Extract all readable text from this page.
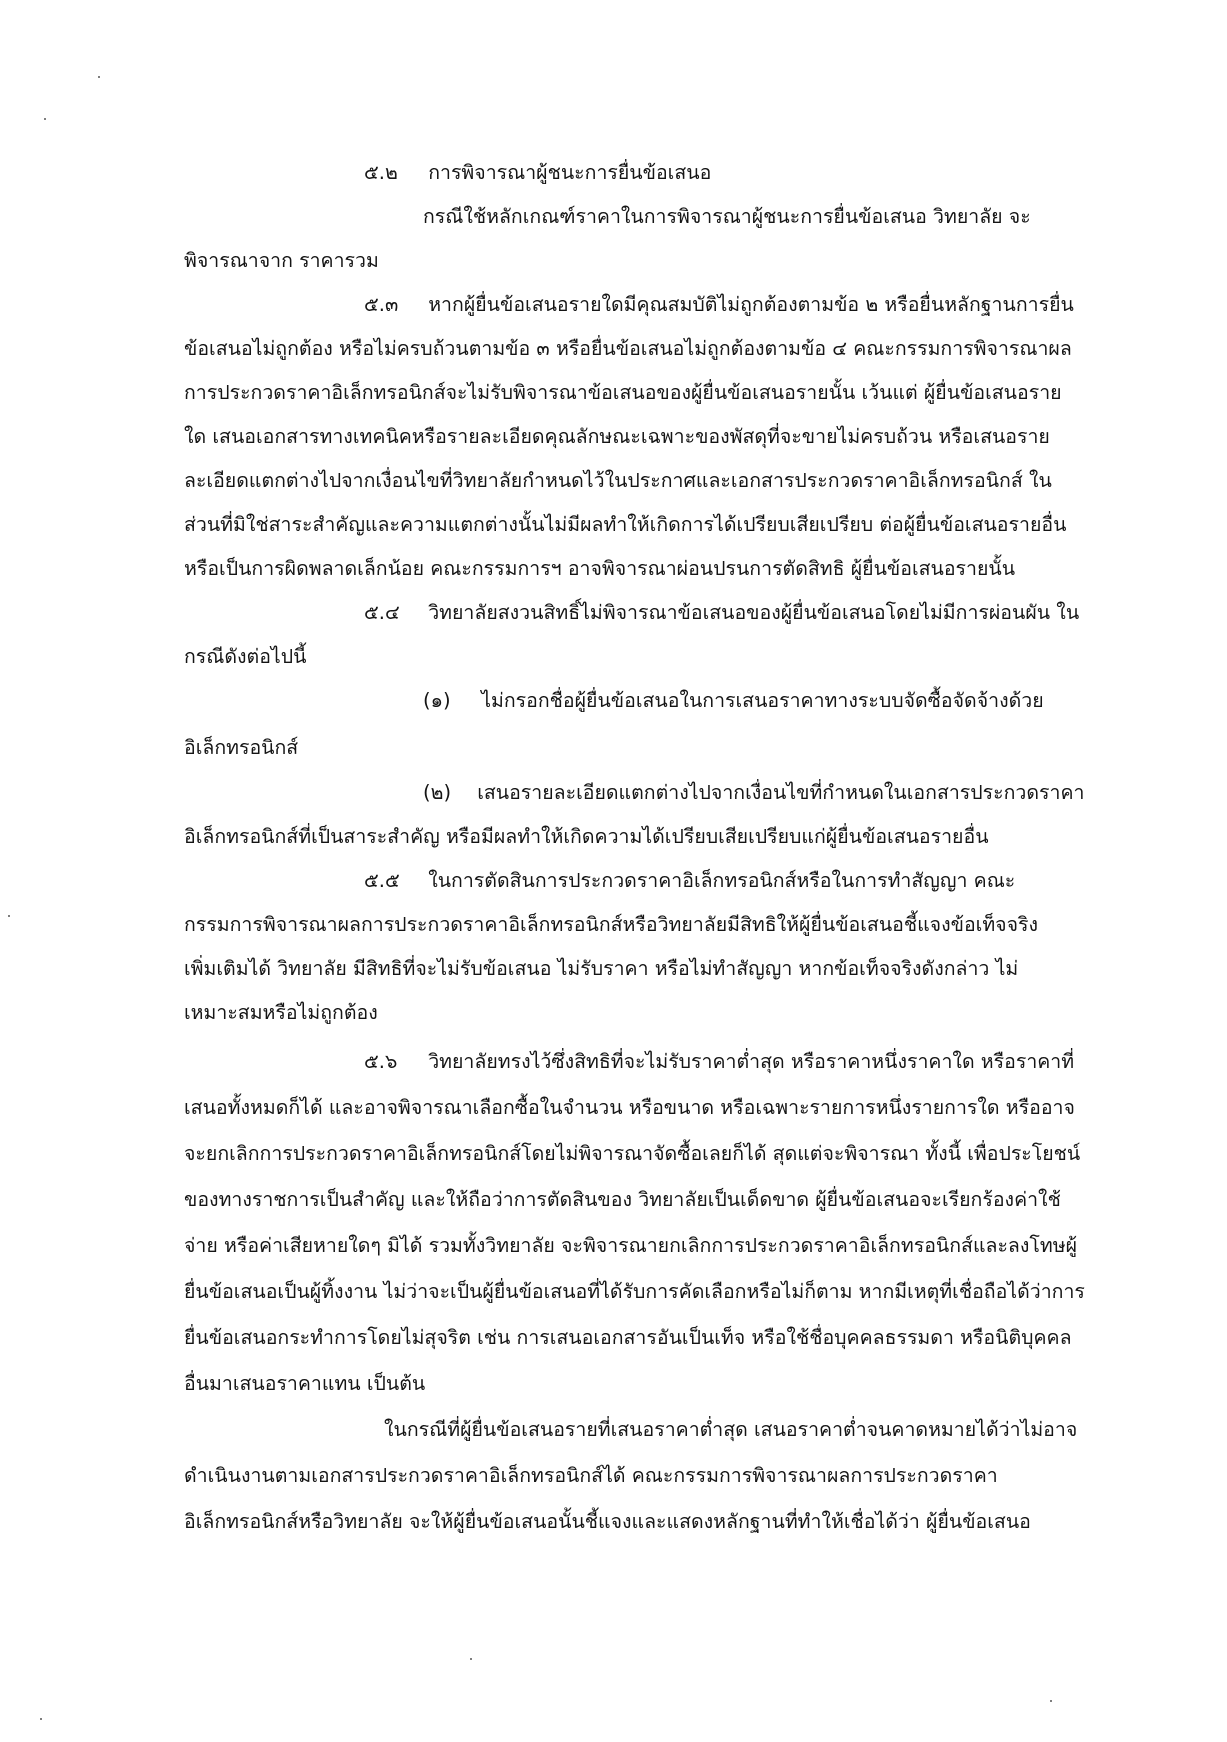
๕.๒ การพิจารณาผู้ชนะการยื่นข้อเสนอ
กรณีใช้หลักเกณฑ์ราคาในการพิจารณาผู้ชนะการยื่นข้อเสนอ วิทยาลัย จะ
พิจารณาจาก ราคารวม
๕.๓ หากผู้ยื่นข้อเสนอรายใดมีคุณสมบัติไม่ถูกต้องตามข้อ ๒ หรือยื่นหลักฐานการยื่น
ข้อเสนอไม่ถูกต้อง หรือไม่ครบถ้วนตามข้อ ๓ หรือยื่นข้อเสนอไม่ถูกต้องตามข้อ ๔ คณะกรรมการพิจารณาผล
การประกวดราคาอิเล็กทรอนิกส์จะไม่รับพิจารณาข้อเสนอของผู้ยื่นข้อเสนอรายนั้น เว้นแต่ ผู้ยื่นข้อเสนอราย
ใด เสนอเอกสารทางเทคนิคหรือรายละเอียดคุณลักษณะเฉพาะของพัสดุที่จะขายไม่ครบถ้วน หรือเสนอราย
ละเอียดแตกต่างไปจากเงื่อนไขที่วิทยาลัยกำหนดไว้ในประกาศและเอกสารประกวดราคาอิเล็กทรอนิกส์ ใน
ส่วนที่มิใช่สาระสำคัญและความแตกต่างนั้นไม่มีผลทำให้เกิดการได้เปรียบเสียเปรียบ ต่อผู้ยื่นข้อเสนอรายอื่น
หรือเป็นการผิดพลาดเล็กน้อย คณะกรรมการฯ อาจพิจารณาผ่อนปรนการตัดสิทธิ ผู้ยื่นข้อเสนอรายนั้น
๕.๔ วิทยาลัยสงวนสิทธิ์ไม่พิจารณาข้อเสนอของผู้ยื่นข้อเสนอโดยไม่มีการผ่อนผัน ใน
กรณีดังต่อไปนี้
(๑) ไม่กรอกชื่อผู้ยื่นข้อเสนอในการเสนอราคาทางระบบจัดซื้อจัดจ้างด้วย
อิเล็กทรอนิกส์
(๒) เสนอรายละเอียดแตกต่างไปจากเงื่อนไขที่กำหนดในเอกสารประกวดราคา
อิเล็กทรอนิกส์ที่เป็นสาระสำคัญ หรือมีผลทำให้เกิดความได้เปรียบเสียเปรียบแก่ผู้ยื่นข้อเสนอรายอื่น
๕.๕ ในการตัดสินการประกวดราคาอิเล็กทรอนิกส์หรือในการทำสัญญา คณะ
กรรมการพิจารณาผลการประกวดราคาอิเล็กทรอนิกส์หรือวิทยาลัยมีสิทธิให้ผู้ยื่นข้อเสนอชี้แจงข้อเท็จจริง
เพิ่มเติมได้ วิทยาลัย มีสิทธิที่จะไม่รับข้อเสนอ ไม่รับราคา หรือไม่ทำสัญญา หากข้อเท็จจริงดังกล่าว ไม่
เหมาะสมหรือไม่ถูกต้อง
๕.๖ วิทยาลัยทรงไว้ซึ่งสิทธิที่จะไม่รับราคาต่ำสุด หรือราคาหนึ่งราคาใด หรือราคาที่
เสนอทั้งหมดก็ได้ และอาจพิจารณาเลือกซื้อในจำนวน หรือขนาด หรือเฉพาะรายการหนึ่งรายการใด หรืออาจ
จะยกเลิกการประกวดราคาอิเล็กทรอนิกส์โดยไม่พิจารณาจัดซื้อเลยก็ได้ สุดแต่จะพิจารณา ทั้งนี้ เพื่อประโยชน์
ของทางราชการเป็นสำคัญ และให้ถือว่าการตัดสินของ วิทยาลัยเป็นเด็ดขาด ผู้ยื่นข้อเสนอจะเรียกร้องค่าใช้
จ่าย หรือค่าเสียหายใดๆ มิได้ รวมทั้งวิทยาลัย จะพิจารณายกเลิกการประกวดราคาอิเล็กทรอนิกส์และลงโทษผู้
ยื่นข้อเสนอเป็นผู้ทิ้งงาน ไม่ว่าจะเป็นผู้ยื่นข้อเสนอที่ได้รับการคัดเลือกหรือไม่ก็ตาม หากมีเหตุที่เชื่อถือได้ว่าการ
ยื่นข้อเสนอกระทำการโดยไม่สุจริต เช่น การเสนอเอกสารอันเป็นเท็จ หรือใช้ชื่อบุคคลธรรมดา หรือนิติบุคคล
อื่นมาเสนอราคาแทน เป็นต้น
ในกรณีที่ผู้ยื่นข้อเสนอรายที่เสนอราคาต่ำสุด เสนอราคาต่ำจนคาดหมายได้ว่าไม่อาจ
ดำเนินงานตามเอกสารประกวดราคาอิเล็กทรอนิกส์ได้ คณะกรรมการพิจารณาผลการประกวดราคา
อิเล็กทรอนิกส์หรือวิทยาลัย จะให้ผู้ยื่นข้อเสนอนั้นชี้แจงและแสดงหลักฐานที่ทำให้เชื่อได้ว่า ผู้ยื่นข้อเสนอ
